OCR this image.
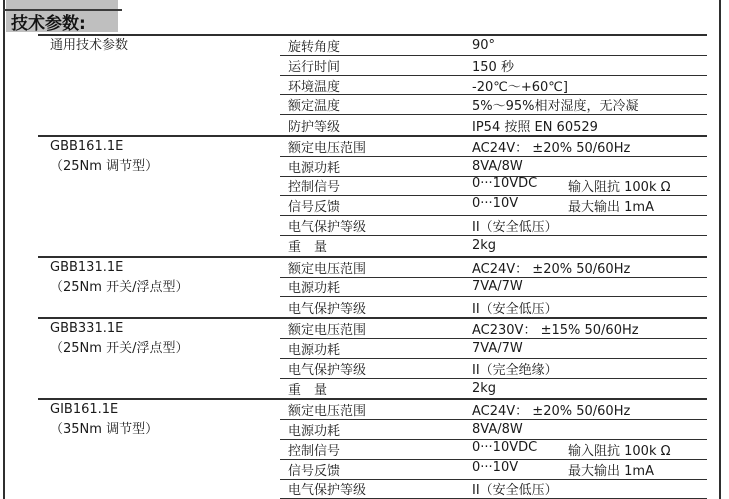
技术参数:
通用技术参数	旋转角度	90°
运行时间	150 秒
环境温度	-20℃～+60℃]
额定温度	5%～95%相对湿度，无冷凝
防护等级	IP54 按照 EN 60529
GBB161.1E
（25Nm 调节型）
额定电压范围	AC24V： ±20% 50/60Hz
电源功耗	8VA/8W
控制信号	0···10VDC	输入阻抗 100k Ω
信号反馈	0···10V	最大输出 1mA
电气保护等级	II（安全低压）
重　量	2kg
GBB131.1E
（25Nm 开关/浮点型）
额定电压范围	AC24V： ±20% 50/60Hz
电源功耗	7VA/7W
电气保护等级	II（安全低压）
GBB331.1E
（25Nm 开关/浮点型）
额定电压范围	AC230V： ±15% 50/60Hz
电源功耗	7VA/7W
电气保护等级	II（完全绝缘）
重　量	2kg
GIB161.1E
（35Nm 调节型）
额定电压范围	AC24V： ±20% 50/60Hz
电源功耗	8VA/8W
控制信号	0···10VDC	输入阻抗 100k Ω
信号反馈	0···10V	最大输出 1mA
电气保护等级	II（安全低压）
